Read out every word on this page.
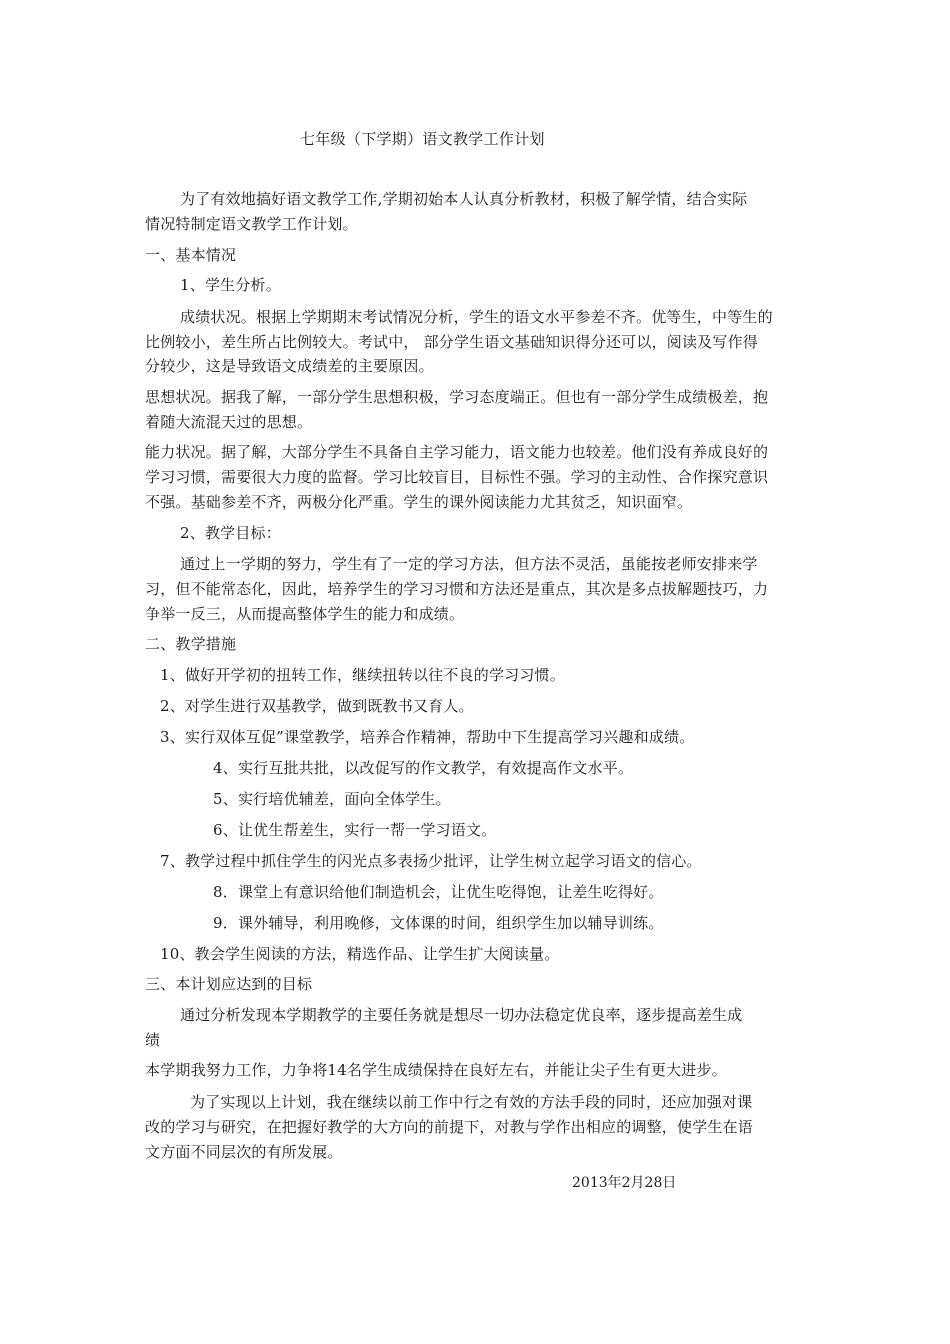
七年级（下学期）语文教学工作计划
为了有效地搞好语文教学工作,学期初始本人认真分析教材，积极了解学情，结合实际
情况特制定语文教学工作计划。
一、基本情况
1、学生分析。
成绩状况。根据上学期期末考试情况分析，学生的语文水平参差不齐。优等生，中等生的
比例较小，差生所占比例较大。考试中， 部分学生语文基础知识得分还可以，阅读及写作得
分较少，这是导致语文成绩差的主要原因。
思想状况。据我了解，一部分学生思想积极，学习态度端正。但也有一部分学生成绩极差，抱
着随大流混天过的思想。
能力状况。据了解，大部分学生不具备自主学习能力，语文能力也较差。他们没有养成良好的
学习习惯，需要很大力度的监督。学习比较盲目，目标性不强。学习的主动性、合作探究意识
不强。基础参差不齐，两极分化严重。学生的课外阅读能力尤其贫乏，知识面窄。
2、教学目标：
通过上一学期的努力，学生有了一定的学习方法，但方法不灵活，虽能按老师安排来学
习，但不能常态化，因此，培养学生的学习习惯和方法还是重点，其次是多点拔解题技巧，力
争举一反三，从而提高整体学生的能力和成绩。
二、教学措施
1、做好开学初的扭转工作，继续扭转以往不良的学习习惯。
2、对学生进行双基教学，做到既教书又育人。
3、实行双体互促”课堂教学，培养合作精神，帮助中下生提高学习兴趣和成绩。
4、实行互批共批，以改促写的作文教学，有效提高作文水平。
5、实行培优辅差，面向全体学生。
6、让优生帮差生，实行一帮一学习语文。
7、教学过程中抓住学生的闪光点多表扬少批评，让学生树立起学习语文的信心。
8．课堂上有意识给他们制造机会，让优生吃得饱，让差生吃得好。
9．课外辅导，利用晚修，文体课的时间，组织学生加以辅导训练。
10、教会学生阅读的方法，精选作品、让学生扩大阅读量。
三、本计划应达到的目标
通过分析发现本学期教学的主要任务就是想尽一切办法稳定优良率，逐步提高差生成
绩
本学期我努力工作，力争将14名学生成绩保持在良好左右，并能让尖子生有更大进步。
为了实现以上计划，我在继续以前工作中行之有效的方法手段的同时，还应加强对课
改的学习与研究，在把握好教学的大方向的前提下，对教与学作出相应的调整，使学生在语
文方面不同层次的有所发展。
2013年2月28日
